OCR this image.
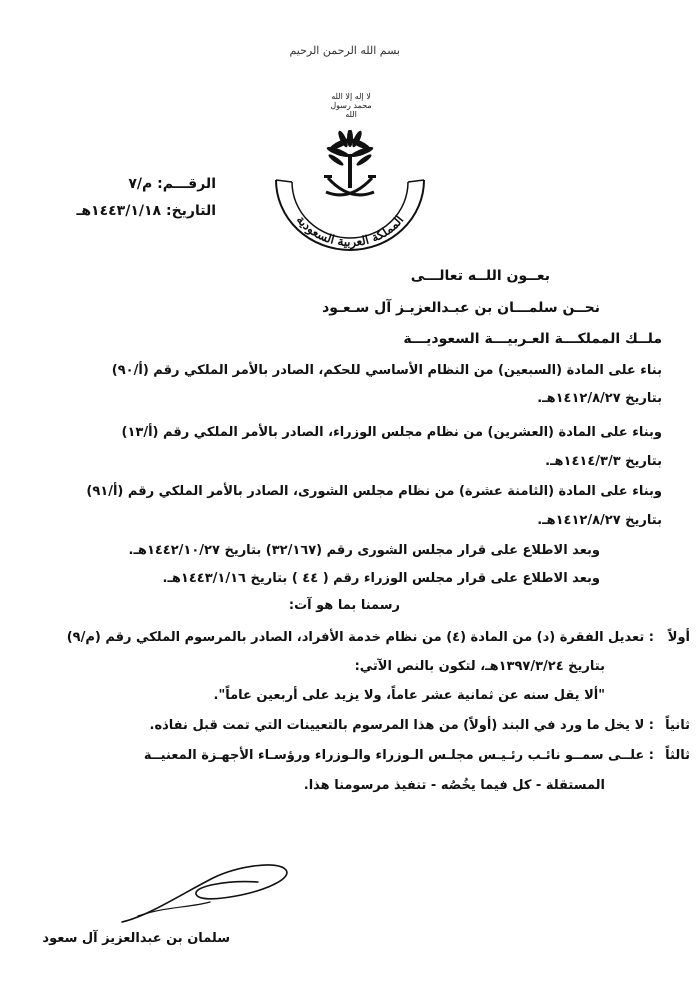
بسم الله الرحمن الرحيم
لا إله إلا الله محمد رسول الله
المملكة العربية السعودية
الرقـــم: م/٧
التاريخ: ١٤٤٣/١/١٨هـ
بعــون اللــه تعالـــى
نحــن سلمـــان بن عبـدالعزيـز آل سـعـود
ملــك المملكـــة العـربيـــة السعوديـــة
بناء على المادة (السبعين) من النظام الأساسي للحكم، الصادر بالأمر الملكي رقم (أ/٩٠)
بتاريخ ١٤١٢/٨/٢٧هـ.
وبناء على المادة (العشرين) من نظام مجلس الوزراء، الصادر بالأمر الملكي رقم (أ/١٣)
بتاريخ ١٤١٤/٣/٣هـ.
وبناء على المادة (الثامنة عشرة) من نظام مجلس الشورى، الصادر بالأمر الملكي رقم (أ/٩١)
بتاريخ ١٤١٢/٨/٢٧هـ.
وبعد الاطلاع على قرار مجلس الشورى رقم (٣٢/١٦٧) بتاريخ ١٤٤٢/١٠/٢٧هـ.
وبعد الاطلاع على قرار مجلس الوزراء رقم ( ٤٤ ) بتاريخ ١٤٤٣/١/١٦هـ.
رسمنا بما هو آت:
أولاً
: تعديل الفقرة (د) من المادة (٤) من نظام خدمة الأفراد، الصادر بالمرسوم الملكي رقم (م/٩)
بتاريخ ١٣٩٧/٣/٢٤هـ، لتكون بالنص الآتي:
"ألا يقل سنه عن ثمانية عشر عاماً، ولا يزيد على أربعين عاماً".
ثانياً
: لا يخل ما ورد في البند (أولاً) من هذا المرسوم بالتعيينات التي تمت قبل نفاذه.
ثالثاً
: علــى سمــو نائـب رئـيـس مجلـس الـوزراء والـوزراء ورؤسـاء الأجهـزة المعنيــة
المستقلة - كل فيما يخُصُه - تنفيذ مرسومنا هذا.
سلمان بن عبدالعزيز آل سعود
